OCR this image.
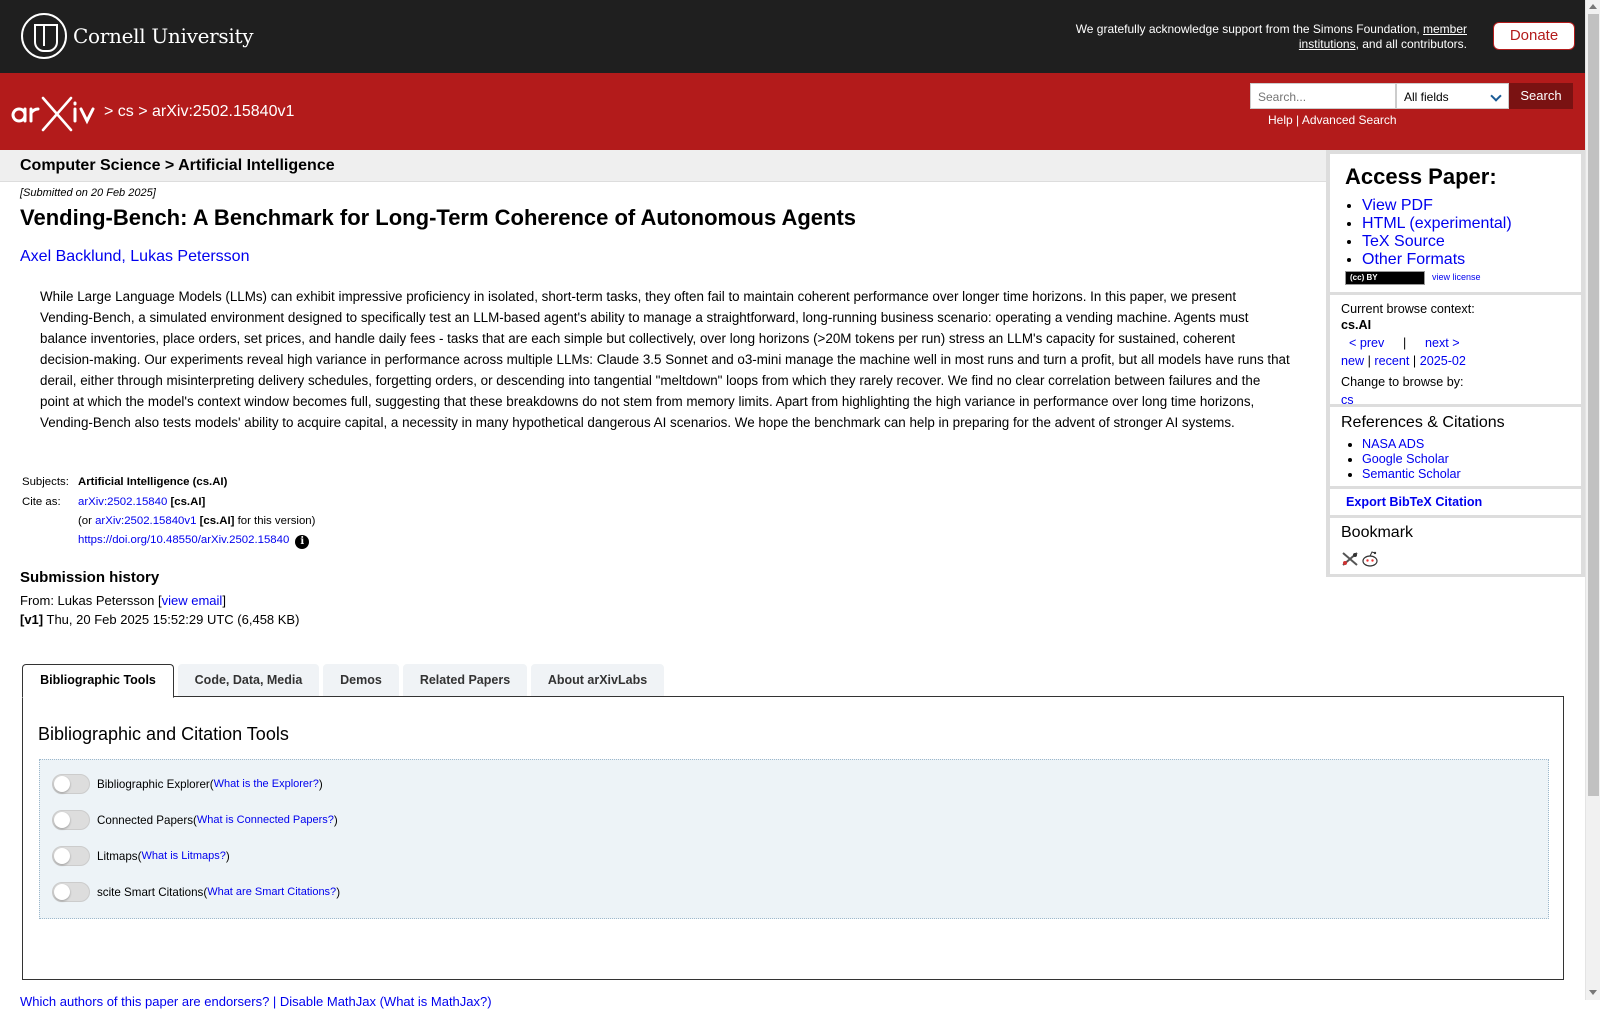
Cornell University	We gratefully acknowledge support from the Simons Foundation, member institutions, and all contributors.	Donate
> cs > arXiv:2502.15840v1
Search...	All fields	Search
Help | Advanced Search
Computer Science > Artificial Intelligence
[Submitted on 20 Feb 2025]
Vending-Bench: A Benchmark for Long-Term Coherence of Autonomous Agents
Axel Backlund, Lukas Petersson
While Large Language Models (LLMs) can exhibit impressive proficiency in isolated, short-term tasks, they often fail to maintain coherent performance over longer time horizons. In this paper, we present Vending-Bench, a simulated environment designed to specifically test an LLM-based agent's ability to manage a straightforward, long-running business scenario: operating a vending machine. Agents must balance inventories, place orders, set prices, and handle daily fees - tasks that are each simple but collectively, over long horizons (>20M tokens per run) stress an LLM's capacity for sustained, coherent decision-making. Our experiments reveal high variance in performance across multiple LLMs: Claude 3.5 Sonnet and o3-mini manage the machine well in most runs and turn a profit, but all models have runs that derail, either through misinterpreting delivery schedules, forgetting orders, or descending into tangential "meltdown" loops from which they rarely recover. We find no clear correlation between failures and the point at which the model's context window becomes full, suggesting that these breakdowns do not stem from memory limits. Apart from highlighting the high variance in performance over long time horizons, Vending-Bench also tests models' ability to acquire capital, a necessity in many hypothetical dangerous AI scenarios. We hope the benchmark can help in preparing for the advent of stronger AI systems.
Subjects: Artificial Intelligence (cs.AI)
Cite as: arXiv:2502.15840 [cs.AI]
(or arXiv:2502.15840v1 [cs.AI] for this version)
https://doi.org/10.48550/arXiv.2502.15840 i
Submission history
From: Lukas Petersson [view email]
[v1] Thu, 20 Feb 2025 15:52:29 UTC (6,458 KB)
Bibliographic Tools	Code, Data, Media	Demos	Related Papers	About arXivLabs
Bibliographic and Citation Tools
Bibliographic Explorer ( What is the Explorer? )
Connected Papers ( What is Connected Papers? )
Litmaps ( What is Litmaps? )
scite Smart Citations ( What are Smart Citations? )
Which authors of this paper are endorsers? | Disable MathJax (What is MathJax?)
Access Paper:
• View PDF
• HTML (experimental)
• TeX Source
• Other Formats
(cc) BY	view license
Current browse context:
cs.AI
< prev | next >
new | recent | 2025-02
Change to browse by:
cs
References & Citations
• NASA ADS
• Google Scholar
• Semantic Scholar
Export BibTeX Citation
Bookmark
